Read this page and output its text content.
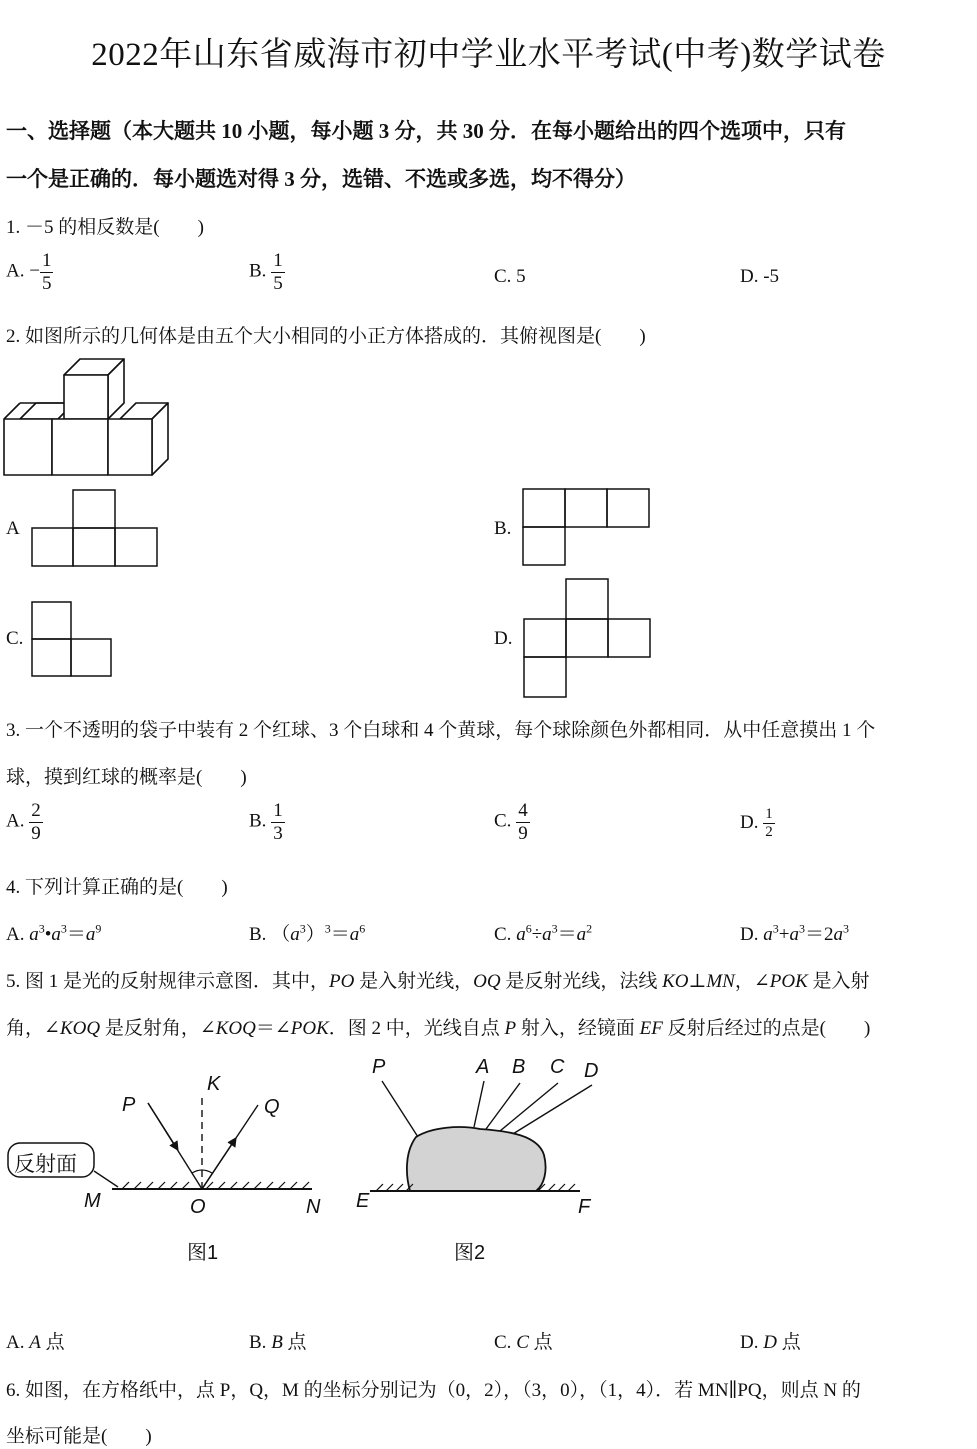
2022年山东省威海市初中学业水平考试(中考)数学试卷
一、选择题（本大题共 10 小题，每小题 3 分，共 30 分．在每小题给出的四个选项中，只有
一个是正确的．每小题选对得 3 分，选错、不选或多选，均不得分）
1. －5 的相反数是(　　)
A. − $\frac{1}{5}$	B. $\frac{1}{5}$	C. 5	D. -5
2. 如图所示的几何体是由五个大小相同的小正方体搭成的．其俯视图是(　　)
A	B.
C.	D.
3. 一个不透明的袋子中装有 2 个红球、3 个白球和 4 个黄球，每个球除颜色外都相同．从中任意摸出 1 个
球，摸到红球的概率是(　　)
A. $\frac{2}{9}$	B. $\frac{1}{3}$	C. $\frac{4}{9}$	D. $\frac{1}{2}$
4. 下列计算正确的是(　　)
A. $a^3•a^3=a^9$	B. $(a^3)^3=a^6$	C. $a^6\div a^3=a^2$	D. $a^3+a^3=2a^3$
5. 图 1 是光的反射规律示意图．其中，PO 是入射光线，OQ 是反射光线，法线 KO⊥MN，∠POK 是入射
角，∠KOQ 是反射角，∠KOQ＝∠POK．图 2 中，光线自点 P 射入，经镜面 EF 反射后经过的点是(　　)
反射面
P
K
Q
M	O	N
图1
P	A B C D
E	F
图2
A. A 点	B. B 点	C. C 点	D. D 点
6. 如图，在方格纸中，点 P，Q，M 的坐标分别记为（0，2），（3，0），（1，4）．若 MN∥PQ，则点 N 的
坐标可能是(　　)
